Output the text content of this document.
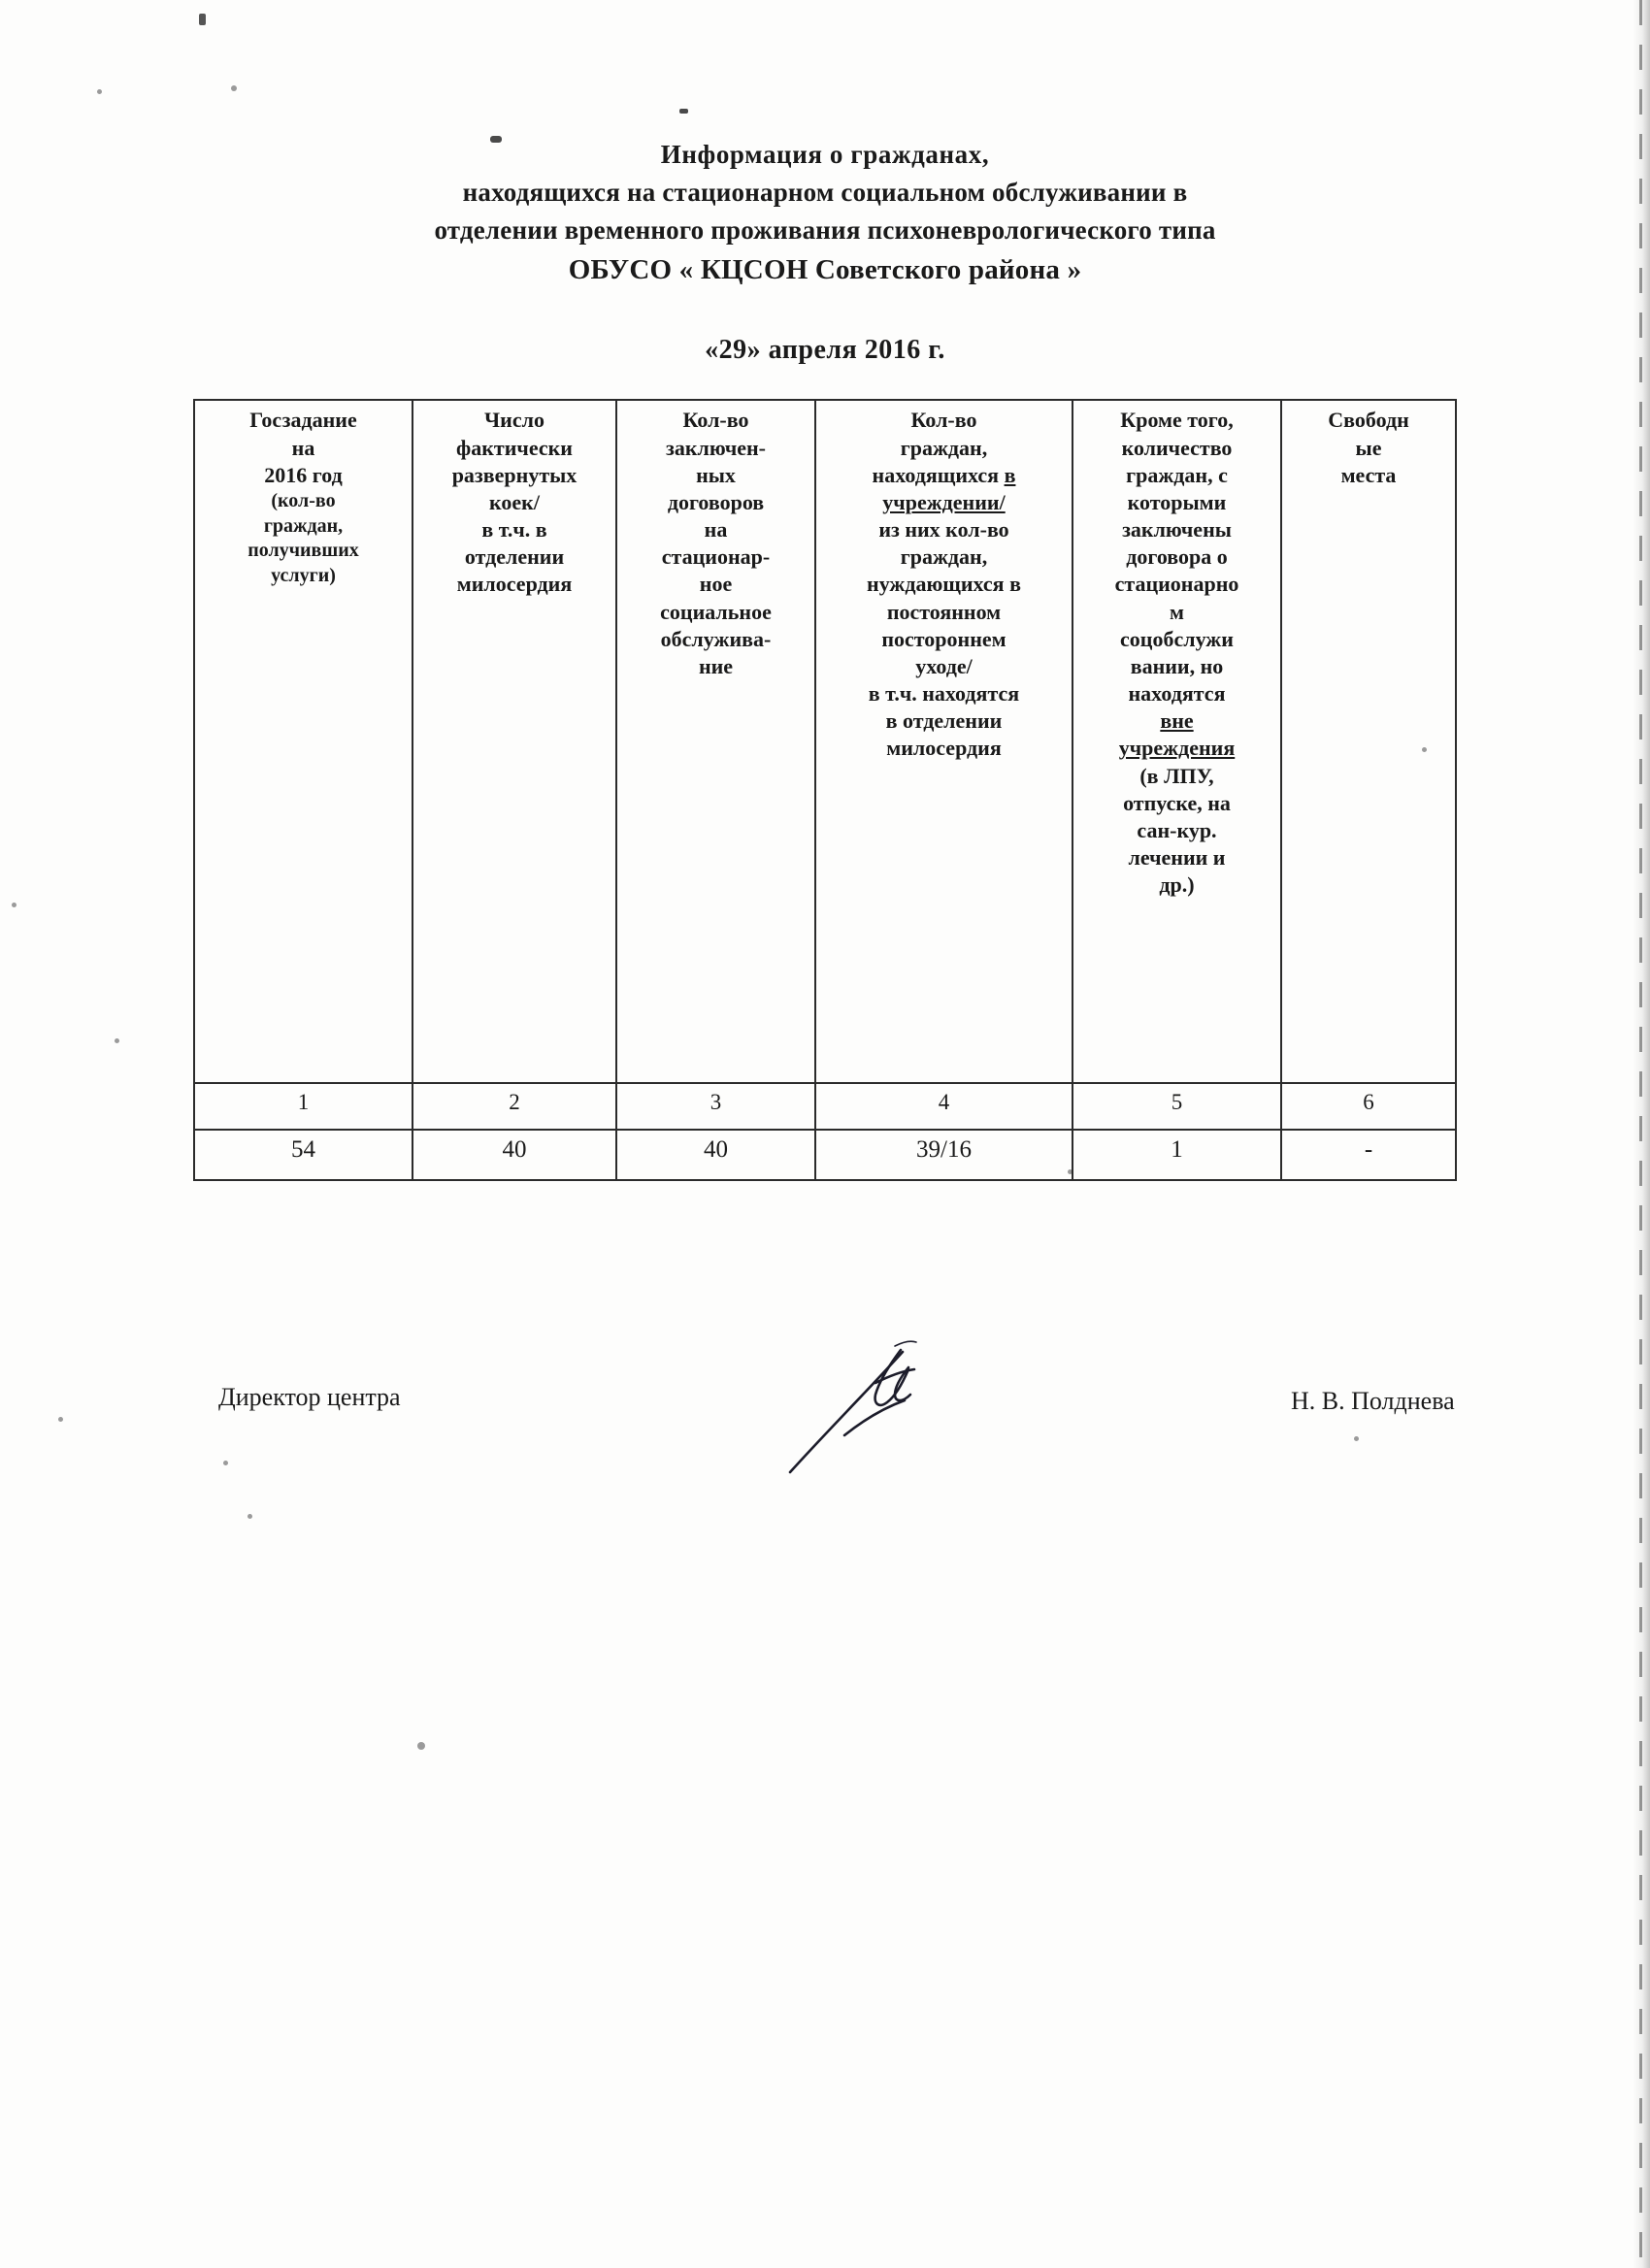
Информация о гражданах,
находящихся на стационарном социальном обслуживании в
отделении временного проживания психоневрологического типа
ОБУСО « КЦСОН Советского района »
«29» апреля 2016 г.
Госзадание
на
2016 год
(кол-во
граждан,
получивших
услуги)

Число
фактически
развернутых
коек/
в т.ч. в
отделении
милосердия

Кол-во
заключен-
ных
договоров
на
стационар-
ное
социальное
обслужива-
ние

Кол-во
граждан,
находящихся в
учреждении/
из них кол-во
граждан,
нуждающихся в
постоянном
постороннем
уходе/
в т.ч. находятся
в отделении
милосердия

Кроме того,
количество
граждан, с
которыми
заключены
договора о
стационарно
м
соцобслужи
вании, но
находятся
вне
учреждения
(в ЛПУ,
отпуске, на
сан-кур.
лечении и
др.)

Свободн
ые
места

1	2	3	4	5	6
54	40	40	39/16	1	-
Директор центра	Н. В. Полднева
